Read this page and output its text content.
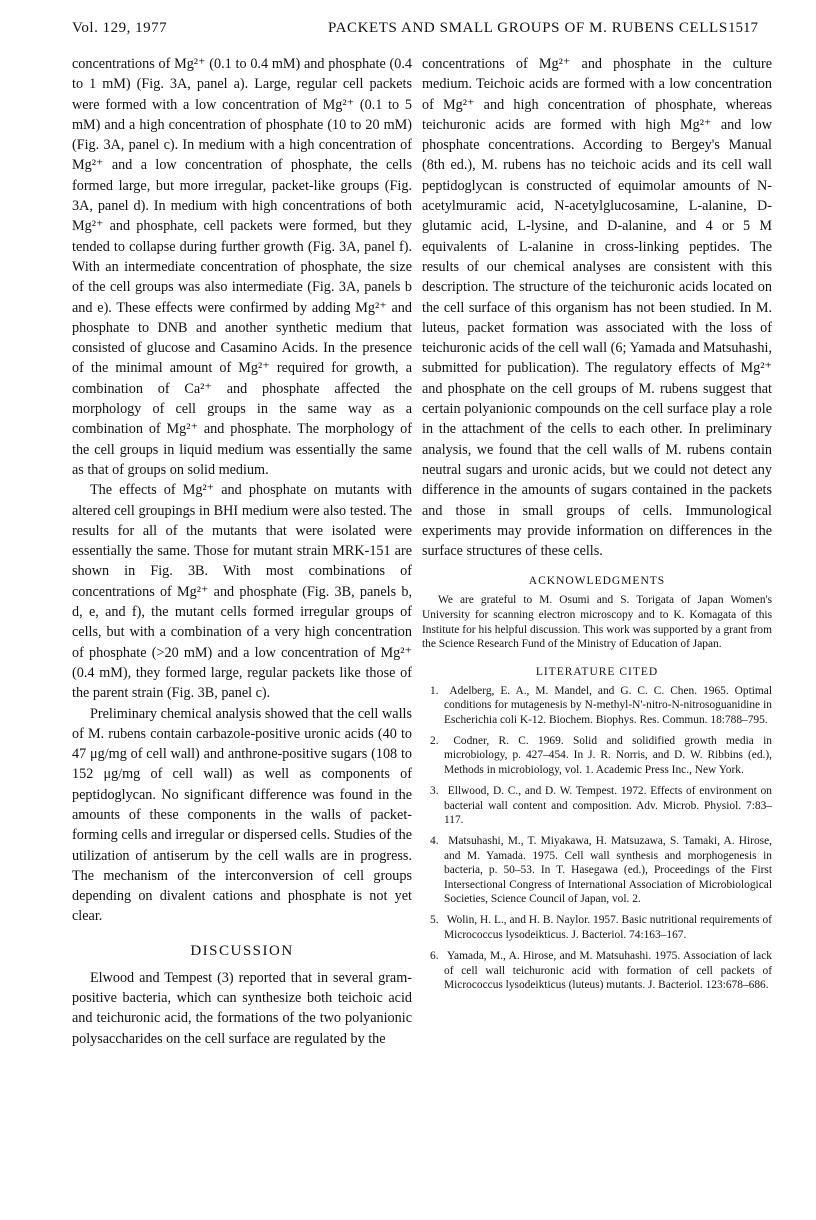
Vol. 129, 1977	PACKETS AND SMALL GROUPS OF M. RUBENS CELLS 1517

concentrations of Mg²⁺ (0.1 to 0.4 mM) and phosphate (0.4 to 1 mM) (Fig. 3A, panel a). Large, regular cell packets were formed with a low concentration of Mg²⁺ (0.1 to 5 mM) and a high concentration of phosphate (10 to 20 mM) (Fig. 3A, panel c). In medium with a high concentration of Mg²⁺ and a low concentration of phosphate, the cells formed large, but more irregular, packet-like groups (Fig. 3A, panel d). In medium with high concentrations of both Mg²⁺ and phosphate, cell packets were formed, but they tended to collapse during further growth (Fig. 3A, panel f). With an intermediate concentration of phosphate, the size of the cell groups was also intermediate (Fig. 3A, panels b and e). These effects were confirmed by adding Mg²⁺ and phosphate to DNB and another synthetic medium that consisted of glucose and Casamino Acids. In the presence of the minimal amount of Mg²⁺ required for growth, a combination of Ca²⁺ and phosphate affected the morphology of cell groups in the same way as a combination of Mg²⁺ and phosphate. The morphology of the cell groups in liquid medium was essentially the same as that of groups on solid medium.

The effects of Mg²⁺ and phosphate on mutants with altered cell groupings in BHI medium were also tested. The results for all of the mutants that were isolated were essentially the same. Those for mutant strain MRK-151 are shown in Fig. 3B. With most combinations of concentrations of Mg²⁺ and phosphate (Fig. 3B, panels b, d, e, and f), the mutant cells formed irregular groups of cells, but with a combination of a very high concentration of phosphate (>20 mM) and a low concentration of Mg²⁺ (0.4 mM), they formed large, regular packets like those of the parent strain (Fig. 3B, panel c).

Preliminary chemical analysis showed that the cell walls of M. rubens contain carbazole-positive uronic acids (40 to 47 μg/mg of cell wall) and anthrone-positive sugars (108 to 152 μg/mg of cell wall) as well as components of peptidoglycan. No significant difference was found in the amounts of these components in the walls of packet-forming cells and irregular or dispersed cells. Studies of the utilization of antiserum by the cell walls are in progress. The mechanism of the interconversion of cell groups depending on divalent cations and phosphate is not yet clear.

DISCUSSION

Elwood and Tempest (3) reported that in several gram-positive bacteria, which can synthesize both teichoic acid and teichuronic acid, the formations of the two polyanionic polysaccharides on the cell surface are regulated by the

concentrations of Mg²⁺ and phosphate in the culture medium. Teichoic acids are formed with a low concentration of Mg²⁺ and high concentration of phosphate, whereas teichuronic acids are formed with high Mg²⁺ and low phosphate concentrations. According to Bergey's Manual (8th ed.), M. rubens has no teichoic acids and its cell wall peptidoglycan is constructed of equimolar amounts of N-acetylmuramic acid, N-acetylglucosamine, L-alanine, D-glutamic acid, L-lysine, and D-alanine, and 4 or 5 M equivalents of L-alanine in cross-linking peptides. The results of our chemical analyses are consistent with this description. The structure of the teichuronic acids located on the cell surface of this organism has not been studied. In M. luteus, packet formation was associated with the loss of teichuronic acids of the cell wall (6; Yamada and Matsuhashi, submitted for publication). The regulatory effects of Mg²⁺ and phosphate on the cell groups of M. rubens suggest that certain polyanionic compounds on the cell surface play a role in the attachment of the cells to each other. In preliminary analysis, we found that the cell walls of M. rubens contain neutral sugars and uronic acids, but we could not detect any difference in the amounts of sugars contained in the packets and those in small groups of cells. Immunological experiments may provide information on differences in the surface structures of these cells.

ACKNOWLEDGMENTS

We are grateful to M. Osumi and S. Torigata of Japan Women's University for scanning electron microscopy and to K. Komagata of this Institute for his helpful discussion. This work was supported by a grant from the Science Research Fund of the Ministry of Education of Japan.

LITERATURE CITED
1. Adelberg, E. A., M. Mandel, and G. C. C. Chen. 1965. Optimal conditions for mutagenesis by N-methyl-N'-nitro-N-nitrosoguanidine in Escherichia coli K-12. Biochem. Biophys. Res. Commun. 18:788–795.
2. Codner, R. C. 1969. Solid and solidified growth media in microbiology, p. 427–454. In J. R. Norris, and D. W. Ribbins (ed.), Methods in microbiology, vol. 1. Academic Press Inc., New York.
3. Ellwood, D. C., and D. W. Tempest. 1972. Effects of environment on bacterial wall content and composition. Adv. Microb. Physiol. 7:83–117.
4. Matsuhashi, M., T. Miyakawa, H. Matsuzawa, S. Tamaki, A. Hirose, and M. Yamada. 1975. Cell wall synthesis and morphogenesis in bacteria, p. 50–53. In T. Hasegawa (ed.), Proceedings of the First Intersectional Congress of International Association of Microbiological Societies, Science Council of Japan, vol. 2.
5. Wolin, H. L., and H. B. Naylor. 1957. Basic nutritional requirements of Micrococcus lysodeikticus. J. Bacteriol. 74:163–167.
6. Yamada, M., A. Hirose, and M. Matsuhashi. 1975. Association of lack of cell wall teichuronic acid with formation of cell packets of Micrococcus lysodeikticus (luteus) mutants. J. Bacteriol. 123:678–686.
